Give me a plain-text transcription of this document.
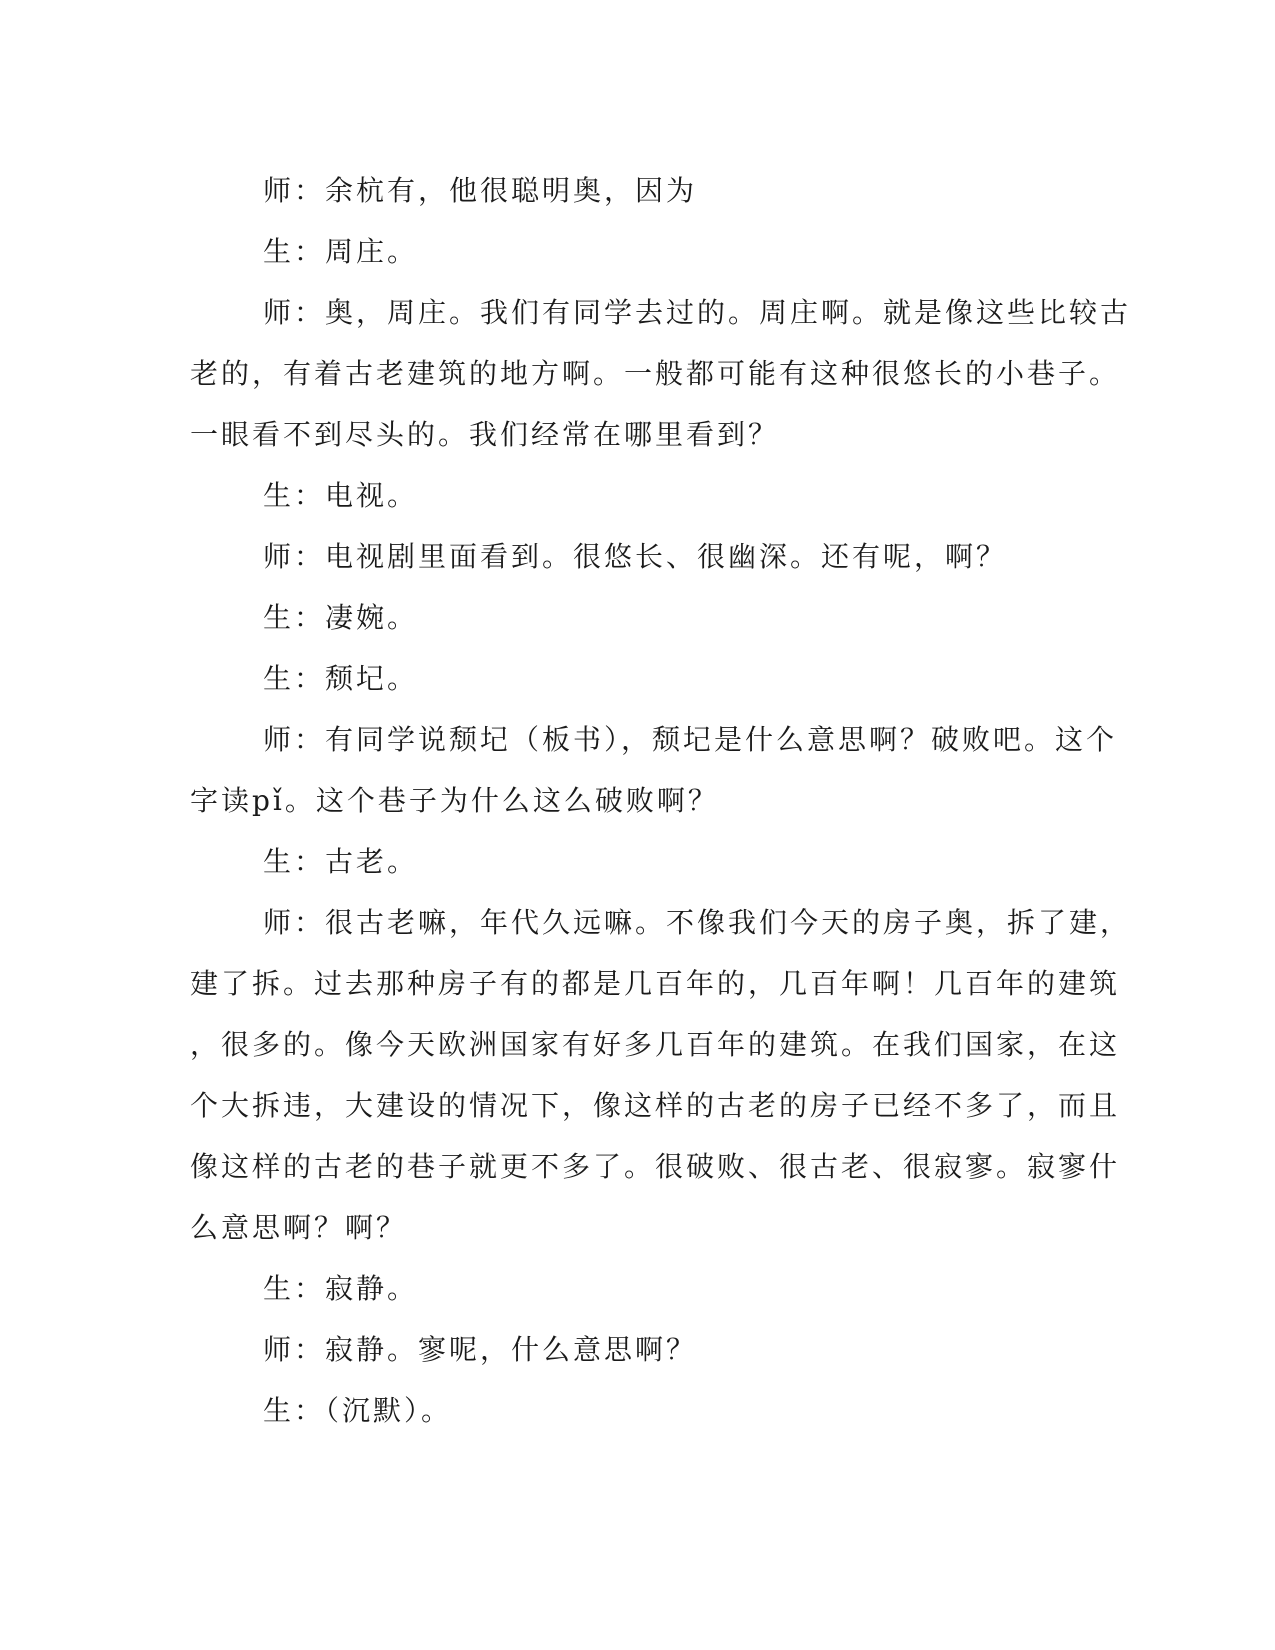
师：余杭有，他很聪明奥，因为
生：周庄。
师：奥，周庄。我们有同学去过的。周庄啊。就是像这些比较古
老的，有着古老建筑的地方啊。一般都可能有这种很悠长的小巷子。
一眼看不到尽头的。我们经常在哪里看到？
生：电视。
师：电视剧里面看到。很悠长、很幽深。还有呢，啊？
生：凄婉。
生：颓圮。
师：有同学说颓圮（板书），颓圮是什么意思啊？破败吧。这个
字读pǐ。这个巷子为什么这么破败啊？
生：古老。
师：很古老嘛，年代久远嘛。不像我们今天的房子奥，拆了建，
建了拆。过去那种房子有的都是几百年的，几百年啊！几百年的建筑
，很多的。像今天欧洲国家有好多几百年的建筑。在我们国家，在这
个大拆违，大建设的情况下，像这样的古老的房子已经不多了，而且
像这样的古老的巷子就更不多了。很破败、很古老、很寂寥。寂寥什
么意思啊？啊？
生：寂静。
师：寂静。寥呢，什么意思啊？
生：（沉默）。
